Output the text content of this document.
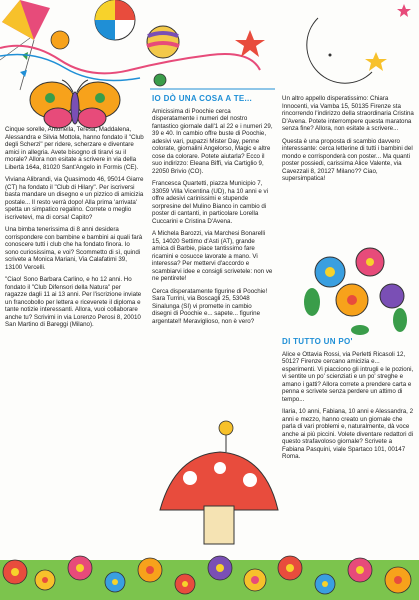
Cinque sorelle, Antonella, Teresa, Maddalena, Alessandra e Silvia Mottola, hanno fondato il "Club degli Scherzi" per ridere, scherzare e diventare amici in allegria. Avete bisogno di tirarvi su il morale? Allora non esitate a scrivere in via della Libertà 164a, 81020 Sant'Angelo in Formis (CE).

Viviana Alibrandi, via Quasimodo 46, 95014 Giarre (CT) ha fondato il "Club di Hilary". Per iscriversi basta mandare un disegno e un pizzico di amicizia postale... Il resto verrà dopo! Alla prima 'arrivata' spetta un simpatico regalino. Correte o meglio iscrivetevi, ma di corsa! Capito?

Una bimba tenerissima di 8 anni desidera corrispondere con bambine e bambini ai quali farà conoscere tutti i club che ha fondato finora. Io sono curiosissima, e voi? Scommetto di sì, quindi scrivete a Monica Mariani, Via Calafatimi 39, 13100 Vercelli.

"Ciao! Sono Barbara Carlino, e ho 12 anni. Ho fondato il "Club Difensori della Natura" per ragazze dagli 11 ai 13 anni. Per l'iscrizione inviate un francobollo per lettera e riceverete il diploma e tante notizie interessanti. Allora, vuoi collaborare anche tu? Scrivimi in via Lorenzo Perosi 8, 20010 San Martino di Bareggi (Milano).

IO DÒ UNA COSA A TE...

Amicissima di Poochie cerca disperatamente i numeri del nostro fantastico giornale dall'1 al 22 e i numeri 29, 39 e 40. In cambio offre buste di Poochie, adesivi vari, pupazzi Mister Day, penne colorate, giornalini Angelorso, Magic e altre cose da colorare. Potete aiutarla? Ecco il suo indirizzo: Eleana Biffi, via Cartiglio 9, 22050 Brivio (CO).

Francesca Quartetti, piazza Municipio 7, 33059 Villa Vicentina (UD), ha 10 anni e vi offre adesivi carinissimi e stupende sorpresine del Mulino Bianco in cambio di poster di cantanti, in particolare Lorella Cuccarini e Cristina D'Avena.

A Michela Barozzi, via Marchesi Bonarelli 15, 14020 Settimo d'Asti (AT), grande amica di Barbie, piace tantissimo fare ricamini e cosucce lavorate a mano. Vi interessa? Per mettervi d'accordo e scambiarvi idee e consigli scrivetele: non ve ne pentirete!

Cerca disperatamente figurine di Poochie! Sara Turrini, via Boscagli 25, 53048 Sinalunga (SI) vi promette in cambio disegni di Poochie e... sapete... figurine argentate!! Meraviglioso, non è vero?

Un altro appello disperatissimo: Chiara Innocenti, via Vamba 15, 50135 Firenze sta rincorrendo l'indirizzo della straordinaria Cristina D'Avena. Potete interrompere questa maratona senza fine? Allora, non esitate a scrivere...

Questa è una proposta di scambio davvero interessante: cerca letterine di tutti i bambini del mondo e corrisponderà con poster... Ma quanti poster possiedi, carissima Alice Valente, via Cavezzali 8, 20127 Milano?? Ciao, supersimpatica!

DI TUTTO UN PO'

Alice e Ottavia Rossi, via Perletti Ricasoli 12, 50127 Firenze cercano amicizia e... esperimenti. Vi piacciono gli intrugli e le pozioni, vi sentite un po' scienziati e un po' streghe e amano i gatti? Allora correte a prendere carta e penna e scrivete senza perdere un attimo di tempo...

Ilaria, 10 anni, Fabiana, 10 anni e Alessandra, 2 anni e mezzo, hanno creato un giornale che parla di vari problemi e, naturalmente, dà voce anche ai più piccini. Volete diventare redattori di questo strafavoloso giornale? Scrivete a Fabiana Pasquini, viale Spartaco 101, 00147 Roma.
